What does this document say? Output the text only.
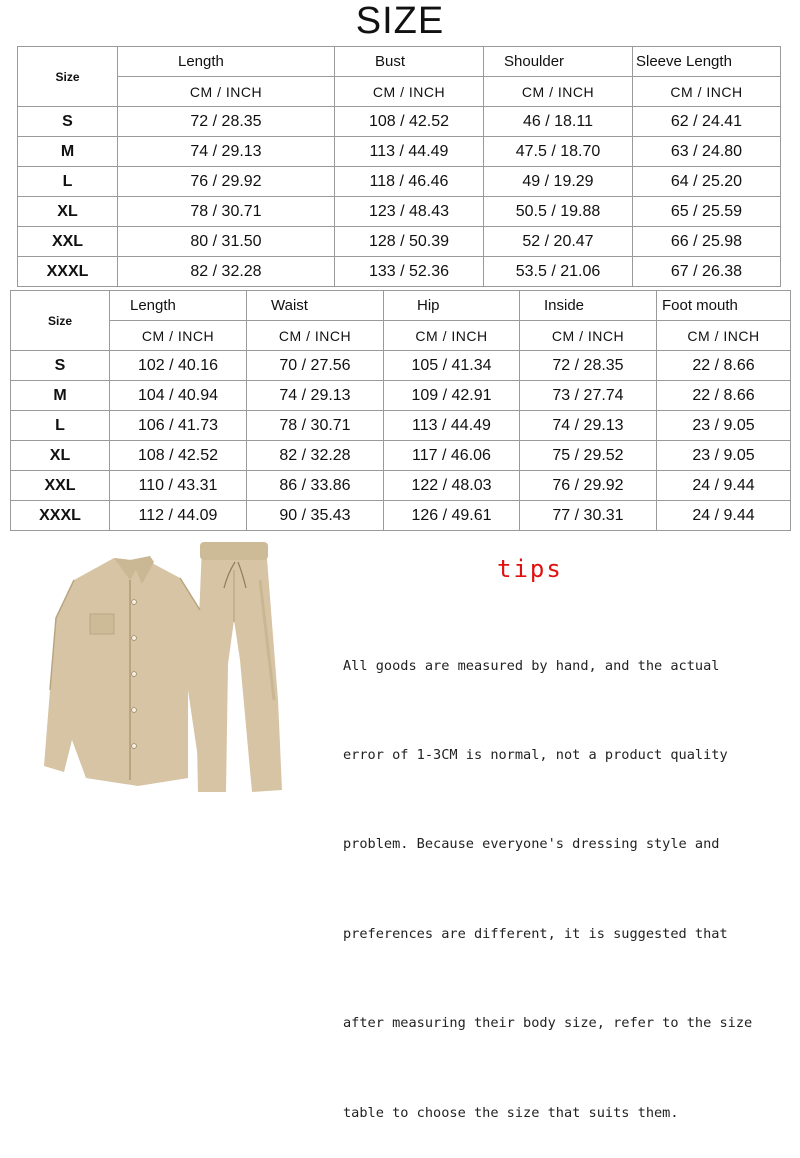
SIZE
Size	Length	Bust	Shoulder	Sleeve Length
	CM / INCH	CM / INCH	CM / INCH	CM / INCH
S	72 / 28.35	108 / 42.52	46 / 18.11	62 / 24.41
M	74 / 29.13	113 / 44.49	47.5 / 18.70	63 / 24.80
L	76 / 29.92	118 / 46.46	49 / 19.29	64 / 25.20
XL	78 / 30.71	123 / 48.43	50.5 / 19.88	65 / 25.59
XXL	80 / 31.50	128 / 50.39	52 / 20.47	66 / 25.98
XXXL	82 / 32.28	133 / 52.36	53.5 / 21.06	67 / 26.38
Size	Length	Waist	Hip	Inside	Foot mouth
	CM / INCH	CM / INCH	CM / INCH	CM / INCH	CM / INCH
S	102 / 40.16	70 / 27.56	105 / 41.34	72 / 28.35	22 / 8.66
M	104 / 40.94	74 / 29.13	109 / 42.91	73 / 27.74	22 / 8.66
L	106 / 41.73	78 / 30.71	113 / 44.49	74 / 29.13	23 / 9.05
XL	108 / 42.52	82 / 32.28	117 / 46.06	75 / 29.52	23 / 9.05
XXL	110 / 43.31	86 / 33.86	122 / 48.03	76 / 29.92	24 / 9.44
XXXL	112 / 44.09	90 / 35.43	126 / 49.61	77 / 30.31	24 / 9.44
tips

All goods are measured by hand, and the actual

error of 1-3CM is normal, not a product quality

problem. Because everyone's dressing style and

preferences are different, it is suggested that

after measuring their body size, refer to the size

table to choose the size that suits them.
